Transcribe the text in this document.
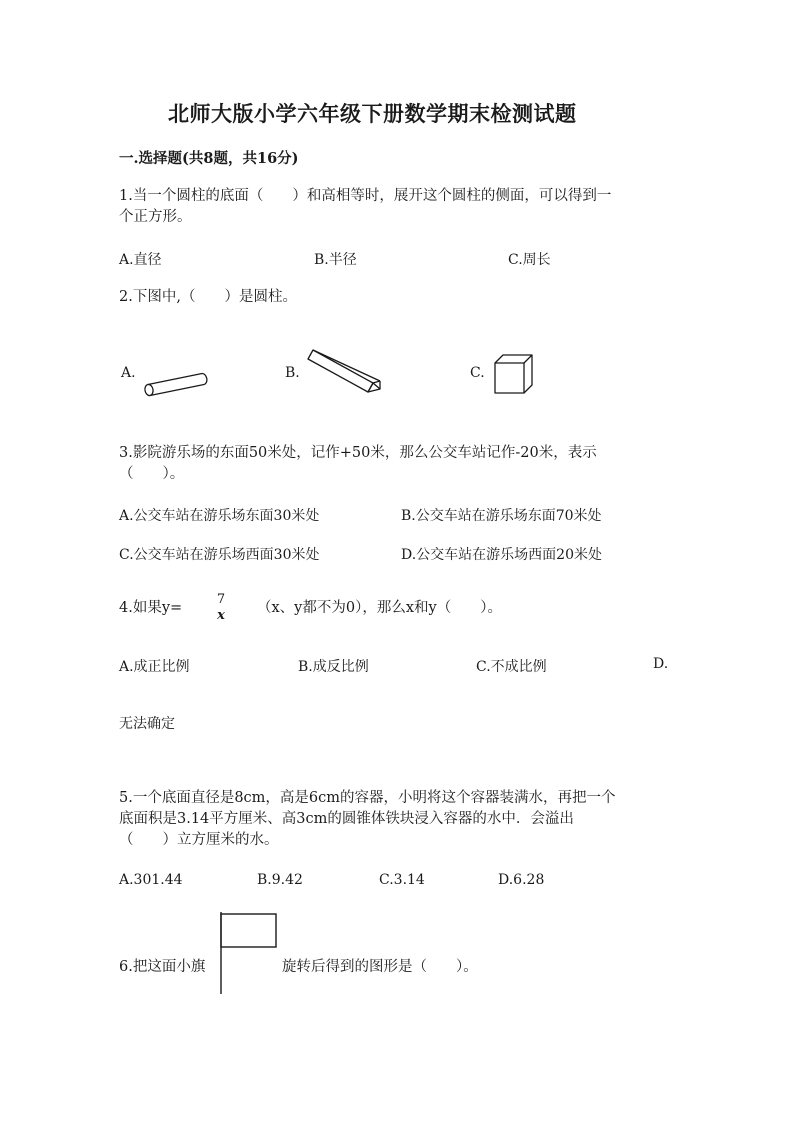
北师大版小学六年级下册数学期末检测试题
一.选择题(共8题，共16分)
1.当一个圆柱的底面（　　）和高相等时，展开这个圆柱的侧面，可以得到一
个正方形。
A.直径	B.半径	C.周长
2.下图中,（　　）是圆柱。
A.	B.	C.
3.影院游乐场的东面50米处，记作+50米，那么公交车站记作-20米，表示
（　　）。
A.公交车站在游乐场东面30米处	B.公交车站在游乐场东面70米处
C.公交车站在游乐场西面30米处	D.公交车站在游乐场西面20米处
4.如果y=
7
x （x、y都不为0），那么x和y（　　）。
A.成正比例	B.成反比例	C.不成比例	D.
无法确定
5.一个底面直径是8cm，高是6cm的容器，小明将这个容器装满水，再把一个
底面积是3.14平方厘米、高3cm的圆锥体铁块浸入容器的水中．会溢出
（　　）立方厘米的水。
A.301.44	B.9.42	C.3.14	D.6.28
6.把这面小旗	旋转后得到的图形是（　　）。
